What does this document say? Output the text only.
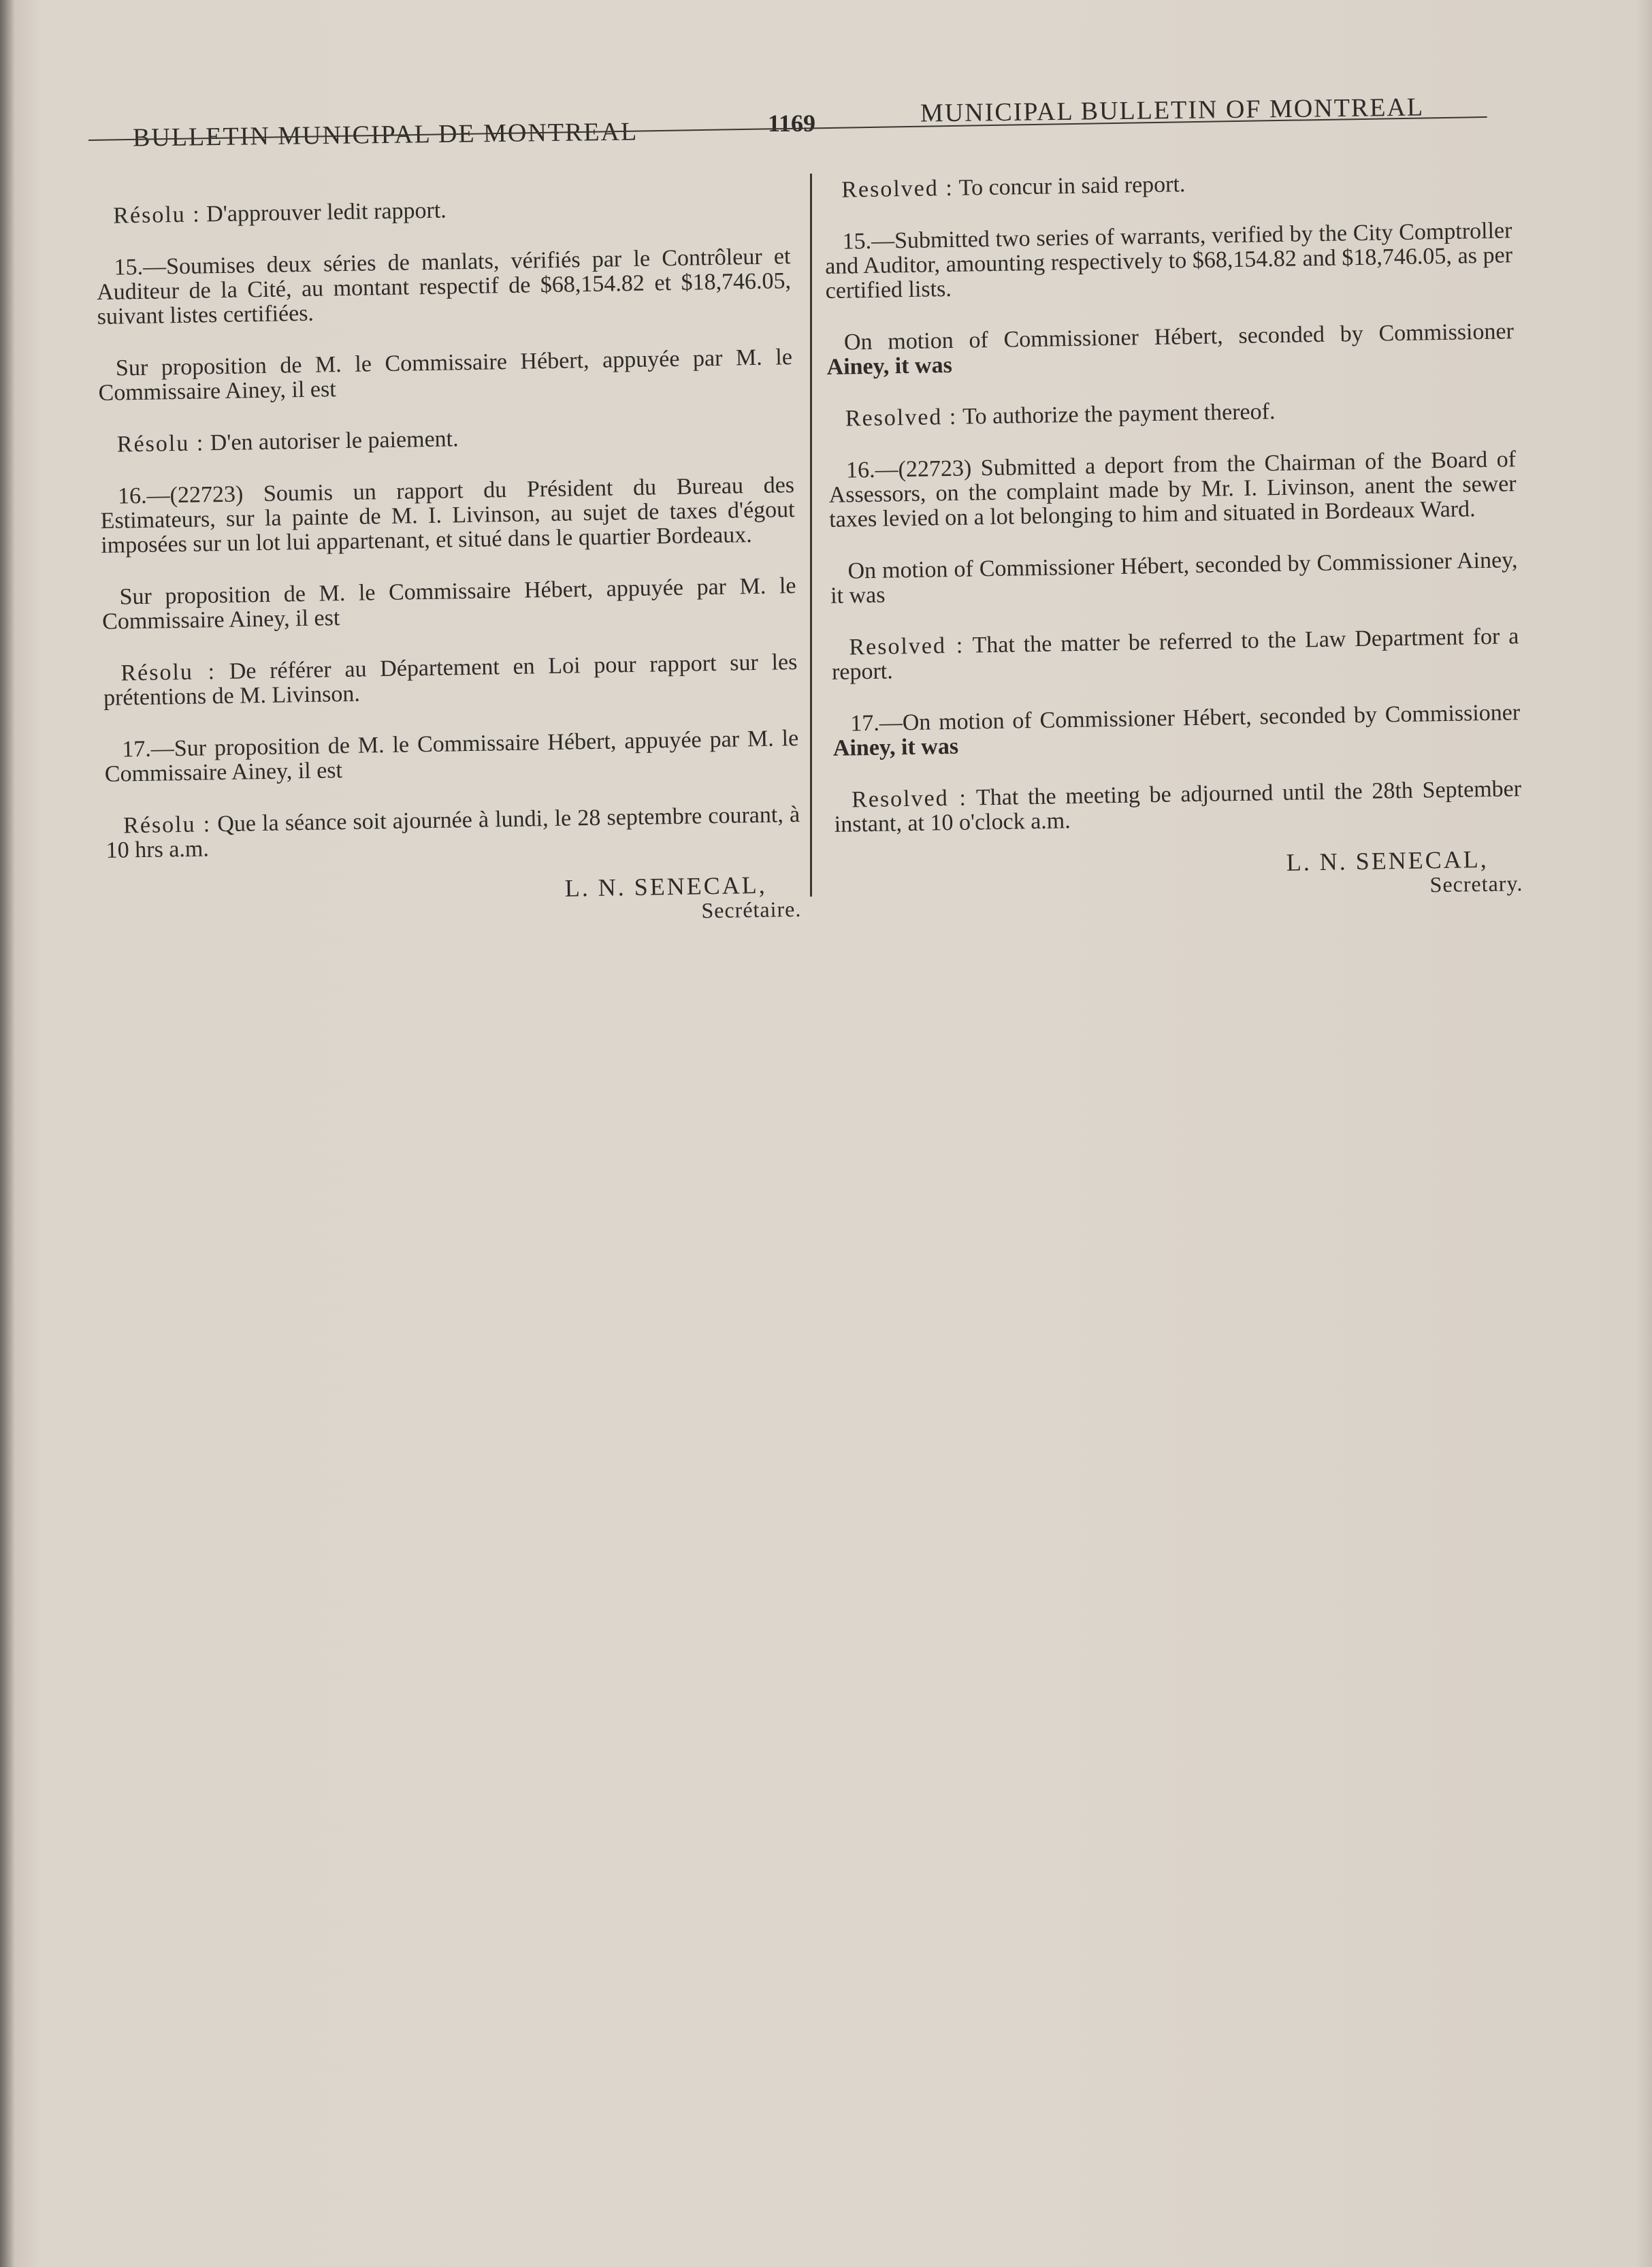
BULLETIN MUNICIPAL DE MONTREAL	1169	MUNICIPAL BULLETIN OF MONTREAL

Résolu : D'approuver ledit rapport.

15.—Soumises deux séries de manlats, vérifiés par le Contrôleur et Auditeur de la Cité, au montant respectif de $68,154.82 et $18,746.05, suivant listes certifiées.

Sur proposition de M. le Commissaire Hébert, appuyée par M. le Commissaire Ainey, il est

Résolu : D'en autoriser le paiement.

16.—(22723) Soumis un rapport du Président du Bureau des Estimateurs, sur la painte de M. I. Livinson, au sujet de taxes d'égout imposées sur un lot lui appartenant, et situé dans le quartier Bordeaux.

Sur proposition de M. le Commissaire Hébert, appuyée par M. le Commissaire Ainey, il est

Résolu : De référer au Département en Loi pour rapport sur les prétentions de M. Livinson.

17.—Sur proposition de M. le Commissaire Hébert, appuyée par M. le Commissaire Ainey, il est

Résolu : Que la séance soit ajournée à lundi, le 28 septembre courant, à 10 hrs a.m.

L. N. SENECAL,
Secrétaire.

Resolved : To concur in said report.

15.—Submitted two series of warrants, verified by the City Comptroller and Auditor, amounting respectively to $68,154.82 and $18,746.05, as per certified lists.

On motion of Commissioner Hébert, seconded by Commissioner Ainey, it was

Resolved : To authorize the payment thereof.

16.—(22723) Submitted a deport from the Chairman of the Board of Assessors, on the complaint made by Mr. I. Livinson, anent the sewer taxes levied on a lot belonging to him and situated in Bordeaux Ward.

On motion of Commissioner Hébert, seconded by Commissioner Ainey, it was

Resolved : That the matter be referred to the Law Department for a report.

17.—On motion of Commissioner Hébert, seconded by Commissioner Ainey, it was

Resolved : That the meeting be adjourned until the 28th September instant, at 10 o'clock a.m.

L. N. SENECAL,
Secretary.
